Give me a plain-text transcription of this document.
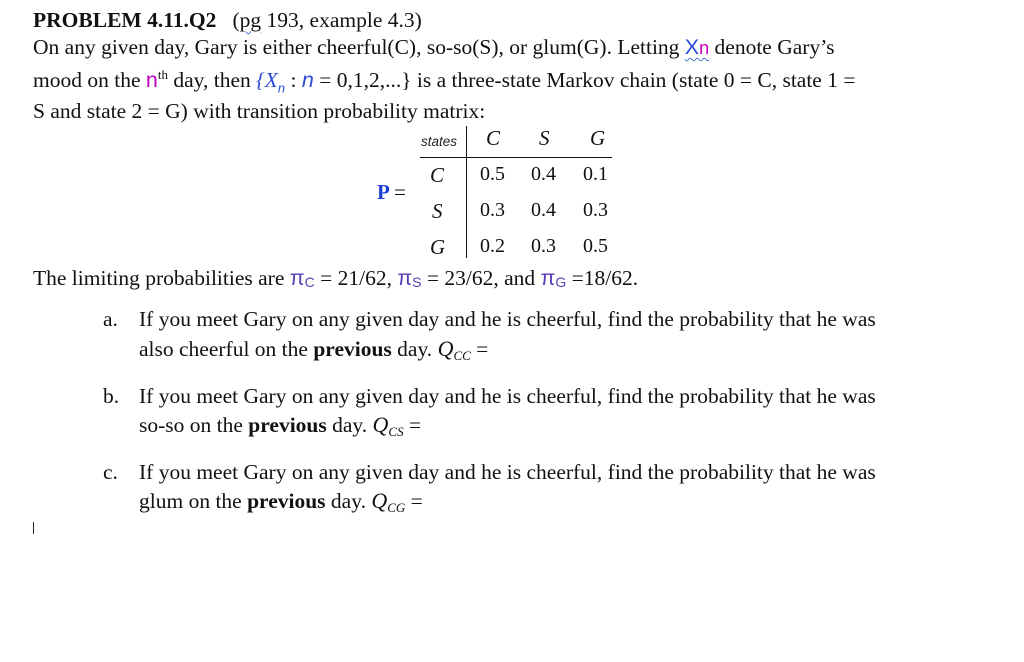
PROBLEM 4.11.Q2 (pg 193, example 4.3)
On any given day, Gary is either cheerful(C), so-so(S), or glum(G). Letting Xn denote Gary’s
mood on the $n^{th}$ day, then {$X_n$ : n = 0,1,2,...} is a three-state Markov chain (state 0 = C, state 1 =
S and state 2 = G) with transition probability matrix:
P =
states C S G
C 0.5 0.4 0.1
S 0.3 0.4 0.3
G 0.2 0.3 0.5
The limiting probabilities are πC = 21/62, πS = 23/62, and πG =18/62.
a. If you meet Gary on any given day and he is cheerful, find the probability that he was
also cheerful on the previous day. QCC =
b. If you meet Gary on any given day and he is cheerful, find the probability that he was
so-so on the previous day. QCS =
c. If you meet Gary on any given day and he is cheerful, find the probability that he was
glum on the previous day. QCG =
